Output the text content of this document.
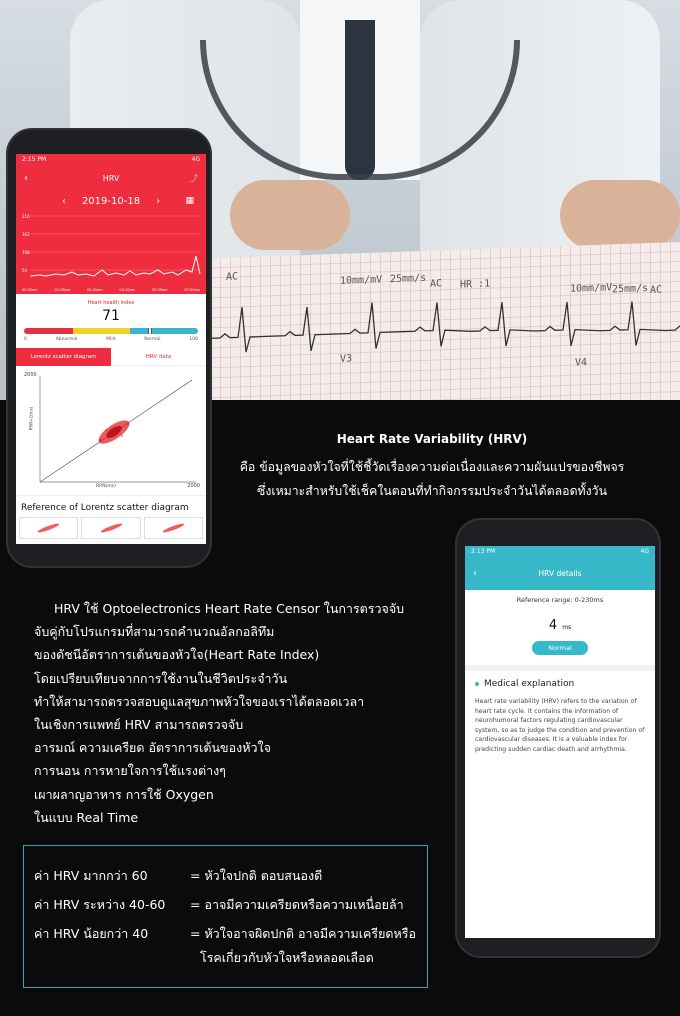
AC	10mm/mV 25mm/s AC HR :1	10mm/mV 25mm/s AC
V3	V4
2:15 PM	4G
‹	HRV	⤴
‹ 2019-10-18 ›	▦
216
162
108
54
00:00am	01:26am	02:40am	04:10am	05:39am	07:00am
Heart health index
71
0	Abnormal	Mild	Normal	100
Lorentz scatter diagram	HRV data
2000
RRN+1(ms)
RRN(ms)	2000
Reference of Lorentz scatter diagram
Heart Rate Variability (HRV)
คือ ข้อมูลของหัวใจที่ใช้ชี้วัดเรื่องความต่อเนื่องและความผันแปรของชีพจร
ซึ่งเหมาะสำหรับใช้เช็คในตอนที่ทำกิจกรรมประจำวันได้ตลอดทั้งวัน
HRV ใช้ Optoelectronics Heart Rate Censor ในการตรวจจับ
จับคู่กับโปรแกรมที่สามารถคำนวณอัลกอลิทึม
ของดัชนีอัตราการเต้นของหัวใจ(Heart Rate Index)
โดยเปรียบเทียบจากการใช้งานในชีวิตประจำวัน
ทำให้สามารถตรวจสอบดูแลสุขภาพหัวใจของเราได้ตลอดเวลา
ในเชิงการแพทย์ HRV สามารถตรวจจับ
อารมณ์ ความเครียด อัตราการเต้นของหัวใจ
การนอน การหายใจการใช้แรงต่างๆ
เผาผลาญอาหาร การใช้ Oxygen
ในแบบ Real Time
ค่า HRV มากกว่า 60	= หัวใจปกติ ตอบสนองดี
ค่า HRV ระหว่าง 40-60 = อาจมีความเครียดหรือความเหนื่อยล้า
ค่า HRV น้อยกว่า 40	= หัวใจอาจผิดปกติ อาจมีความเครียดหรือ
โรคเกี่ยวกับหัวใจหรือหลอดเลือด
2:13 PM	4G
‹	HRV details
Reference range: 0-230ms
4 ms
Normal
Medical explanation
Heart rate variability (HRV) refers to the variation of heart rate cycle. It contains the information of neurohumoral factors regulating cardiovascular system, so as to judge the condition and prevention of cardiovascular diseases. It is a valuable index for predicting sudden cardiac death and arrhythmia.
